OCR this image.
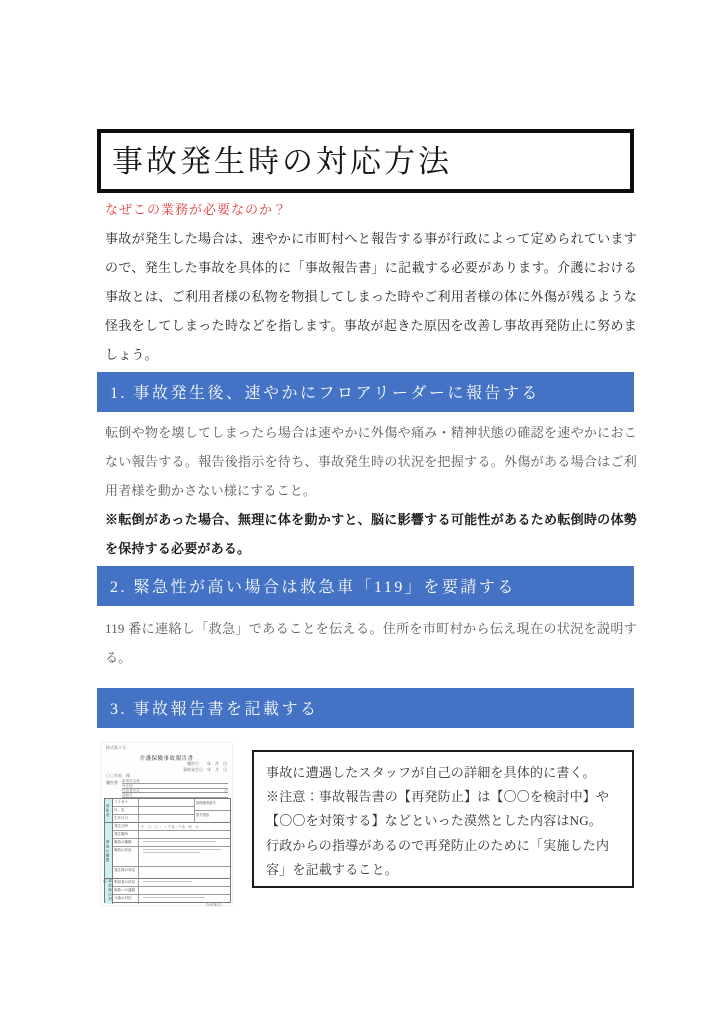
事故発生時の対応方法
なぜこの業務が必要なのか？
事故が発生した場合は、速やかに市町村へと報告する事が行政によって定められていますので、発生した事故を具体的に「事故報告書」に記載する必要があります。介護における事故とは、ご利用者様の私物を物損してしまった時やご利用者様の体に外傷が残るような怪我をしてしまった時などを指します。事故が起きた原因を改善し事故再発防止に努めましょう。
1. 事故発生後、速やかにフロアリーダーに報告する
転倒や物を壊してしまったら場合は速やかに外傷や痛み・精神状態の確認を速やかにおこない報告する。報告後指示を待ち、事故発生時の状況を把握する。外傷がある場合はご利用者様を動かさない様にすること。
※転倒があった場合、無理に体を動かすと、脳に影響する可能性があるため転倒時の体勢を保持する必要がある。
2. 緊急性が高い場合は救急車「119」を要請する
119 番に連絡し「救急」であることを伝える。住所を市町村から伝え現在の状況を説明する。
3. 事故報告書を記載する
様式第１号
介護保険事故報告書
報告日　　年　月　日
事故発生日　年　月　日
〇〇市長　様
報告者	事業所名称
所在地
代表者氏名	印
連絡先
対象者
フリガナ
氏　名
生年月日
被保険者番号
要介護度
事故の概要
発生日時	年　月　日（　）午前・午後　時　分
発生場所
事故の種類
事故の状況
発生時の対応
事故後の対応	利用者の状況
家族への連絡
今後の対応
（参考様式）
事故に遭遇したスタッフが自己の詳細を具体的に書く。
※注意：事故報告書の【再発防止】は【〇〇を検討中】や
【〇〇を対策する】などといった漠然とした内容はNG。
行政からの指導があるので再発防止のために「実施した内
容」を記載すること。
